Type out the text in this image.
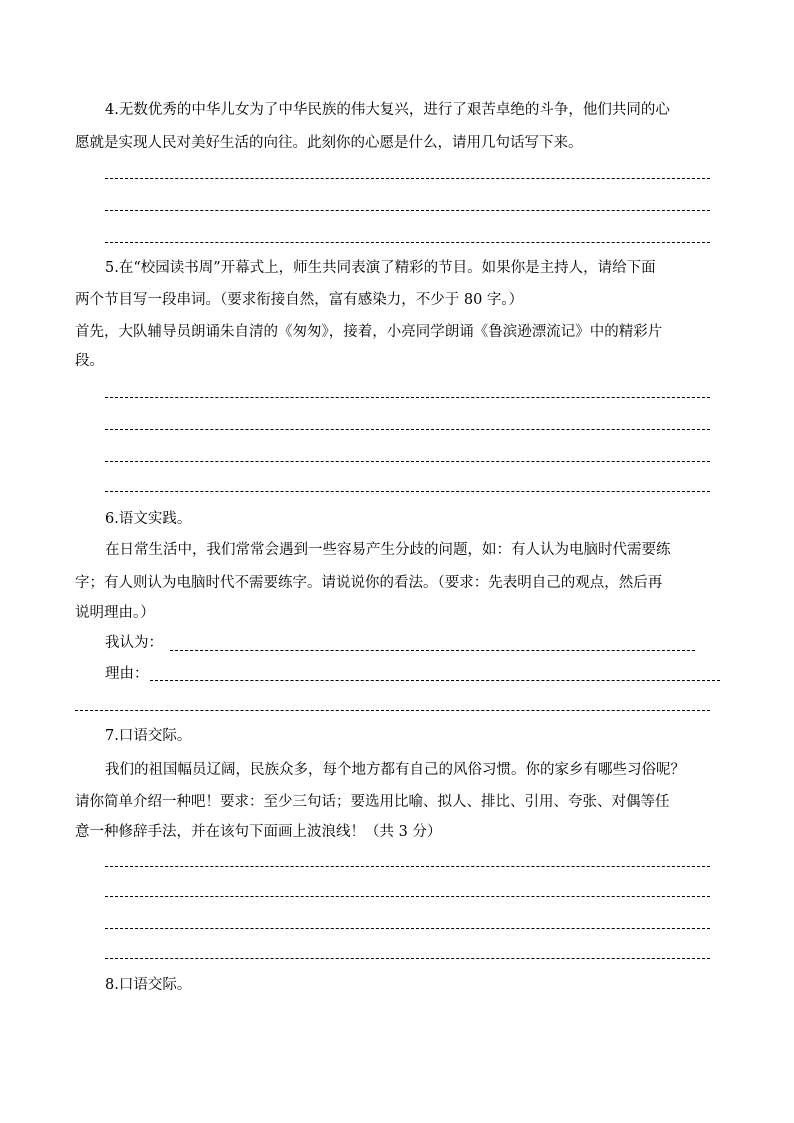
4.无数优秀的中华儿女为了中华民族的伟大复兴，进行了艰苦卓绝的斗争，他们共同的心

愿就是实现人民对美好生活的向往。此刻你的心愿是什么，请用几句话写下来。

5.在“校园读书周”开幕式上，师生共同表演了精彩的节目。如果你是主持人，请给下面

两个节目写一段串词。（要求衔接自然，富有感染力，不少于 80 字。）

首先，大队辅导员朗诵朱自清的《匆匆》，接着，小亮同学朗诵《鲁滨逊漂流记》中的精彩片

段。

6.语文实践。

在日常生活中，我们常常会遇到一些容易产生分歧的问题，如：有人认为电脑时代需要练

字；有人则认为电脑时代不需要练字。请说说你的看法。（要求：先表明自己的观点，然后再

说明理由。）

我认为：

理由：

7.口语交际。

我们的祖国幅员辽阔，民族众多，每个地方都有自己的风俗习惯。你的家乡有哪些习俗呢？

请你简单介绍一种吧！要求：至少三句话；要选用比喻、拟人、排比、引用、夸张、对偶等任

意一种修辞手法，并在该句下面画上波浪线！（共 3 分）

8.口语交际。
